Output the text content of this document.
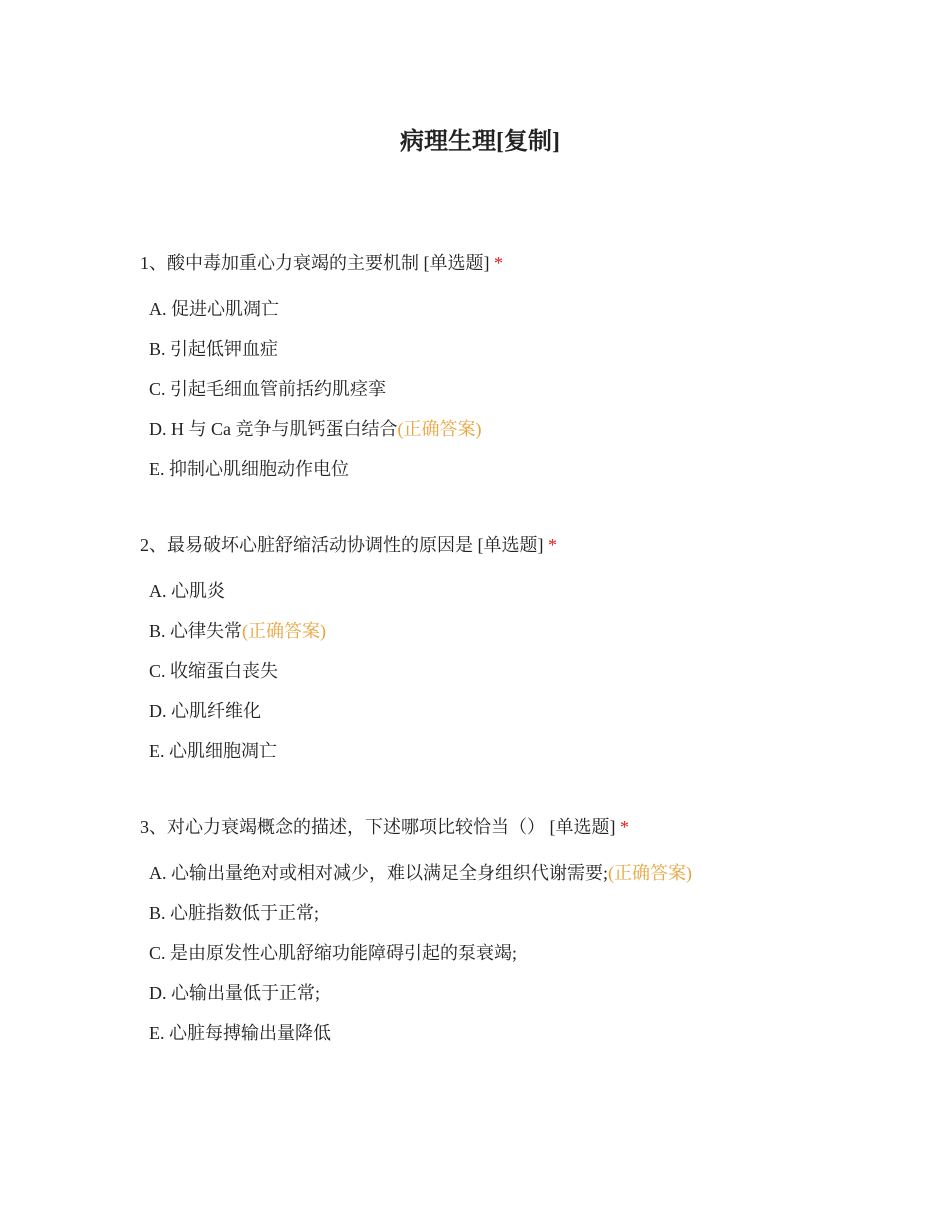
病理生理[复制]

1、酸中毒加重心力衰竭的主要机制 [单选题] *

A. 促进心肌凋亡
B. 引起低钾血症
C. 引起毛细血管前括约肌痉挛
D. H 与 Ca 竞争与肌钙蛋白结合(正确答案)
E. 抑制心肌细胞动作电位

2、最易破坏心脏舒缩活动协调性的原因是 [单选题] *

A. 心肌炎
B. 心律失常(正确答案)
C. 收缩蛋白丧失
D. 心肌纤维化
E. 心肌细胞凋亡

3、对心力衰竭概念的描述，下述哪项比较恰当（） [单选题] *

A. 心输出量绝对或相对减少，难以满足全身组织代谢需要;(正确答案)
B. 心脏指数低于正常;
C. 是由原发性心肌舒缩功能障碍引起的泵衰竭;
D. 心输出量低于正常;
E. 心脏每搏输出量降低
